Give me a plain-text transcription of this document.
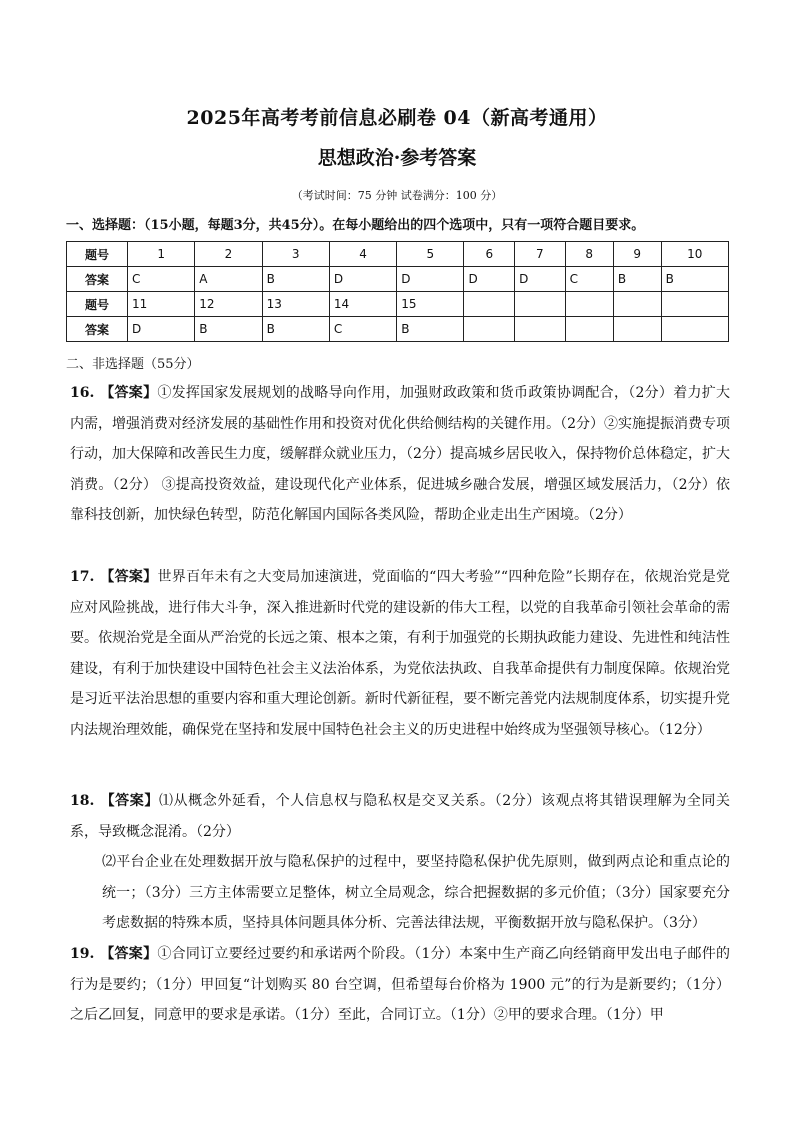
2025年高考考前信息必刷卷 04（新高考通用）
思想政治·参考答案
（考试时间：75 分钟 试卷满分：100 分）
一、选择题：（15小题，每题3分，共45分）。在每小题给出的四个选项中，只有一项符合题目要求。
题号	1	2	3	4	5	6	7	8	9	10
答案	C	A	B	D	D	D	D	C	B	B
题号	11	12	13	14	15					
答案	D	B	B	C	B					
二、非选择题（55分）
16. 【答案】①发挥国家发展规划的战略导向作用，加强财政政策和货币政策协调配合，（2分）着力扩大内需，增强消费对经济发展的基础性作用和投资对优化供给侧结构的关键作用。（2分）②实施提振消费专项行动，加大保障和改善民生力度，缓解群众就业压力，（2分）提高城乡居民收入，保持物价总体稳定，扩大消费。（2分） ③提高投资效益，建设现代化产业体系，促进城乡融合发展，增强区域发展活力，（2分）依靠科技创新，加快绿色转型，防范化解国内国际各类风险，帮助企业走出生产困境。（2分）
17. 【答案】世界百年未有之大变局加速演进，党面临的“四大考验”“四种危险”长期存在，依规治党是党应对风险挑战，进行伟大斗争，深入推进新时代党的建设新的伟大工程，以党的自我革命引领社会革命的需要。依规治党是全面从严治党的长远之策、根本之策，有利于加强党的长期执政能力建设、先进性和纯洁性建设，有利于加快建设中国特色社会主义法治体系，为党依法执政、自我革命提供有力制度保障。依规治党是习近平法治思想的重要内容和重大理论创新。新时代新征程，要不断完善党内法规制度体系，切实提升党内法规治理效能，确保党在坚持和发展中国特色社会主义的历史进程中始终成为坚强领导核心。（12分）
18. 【答案】⑴从概念外延看，个人信息权与隐私权是交叉关系。（2分）该观点将其错误理解为全同关系，导致概念混淆。（2分）
⑵平台企业在处理数据开放与隐私保护的过程中，要坚持隐私保护优先原则，做到两点论和重点论的统一；（3分）三方主体需要立足整体，树立全局观念，综合把握数据的多元价值；（3分）国家要充分考虑数据的特殊本质，坚持具体问题具体分析、完善法律法规，平衡数据开放与隐私保护。（3分）
19. 【答案】①合同订立要经过要约和承诺两个阶段。（1分）本案中生产商乙向经销商甲发出电子邮件的行为是要约；（1分）甲回复“计划购买 80 台空调，但希望每台价格为 1900 元”的行为是新要约；（1分）之后乙回复，同意甲的要求是承诺。（1分）至此，合同订立。（1分）②甲的要求合理。（1分）甲
